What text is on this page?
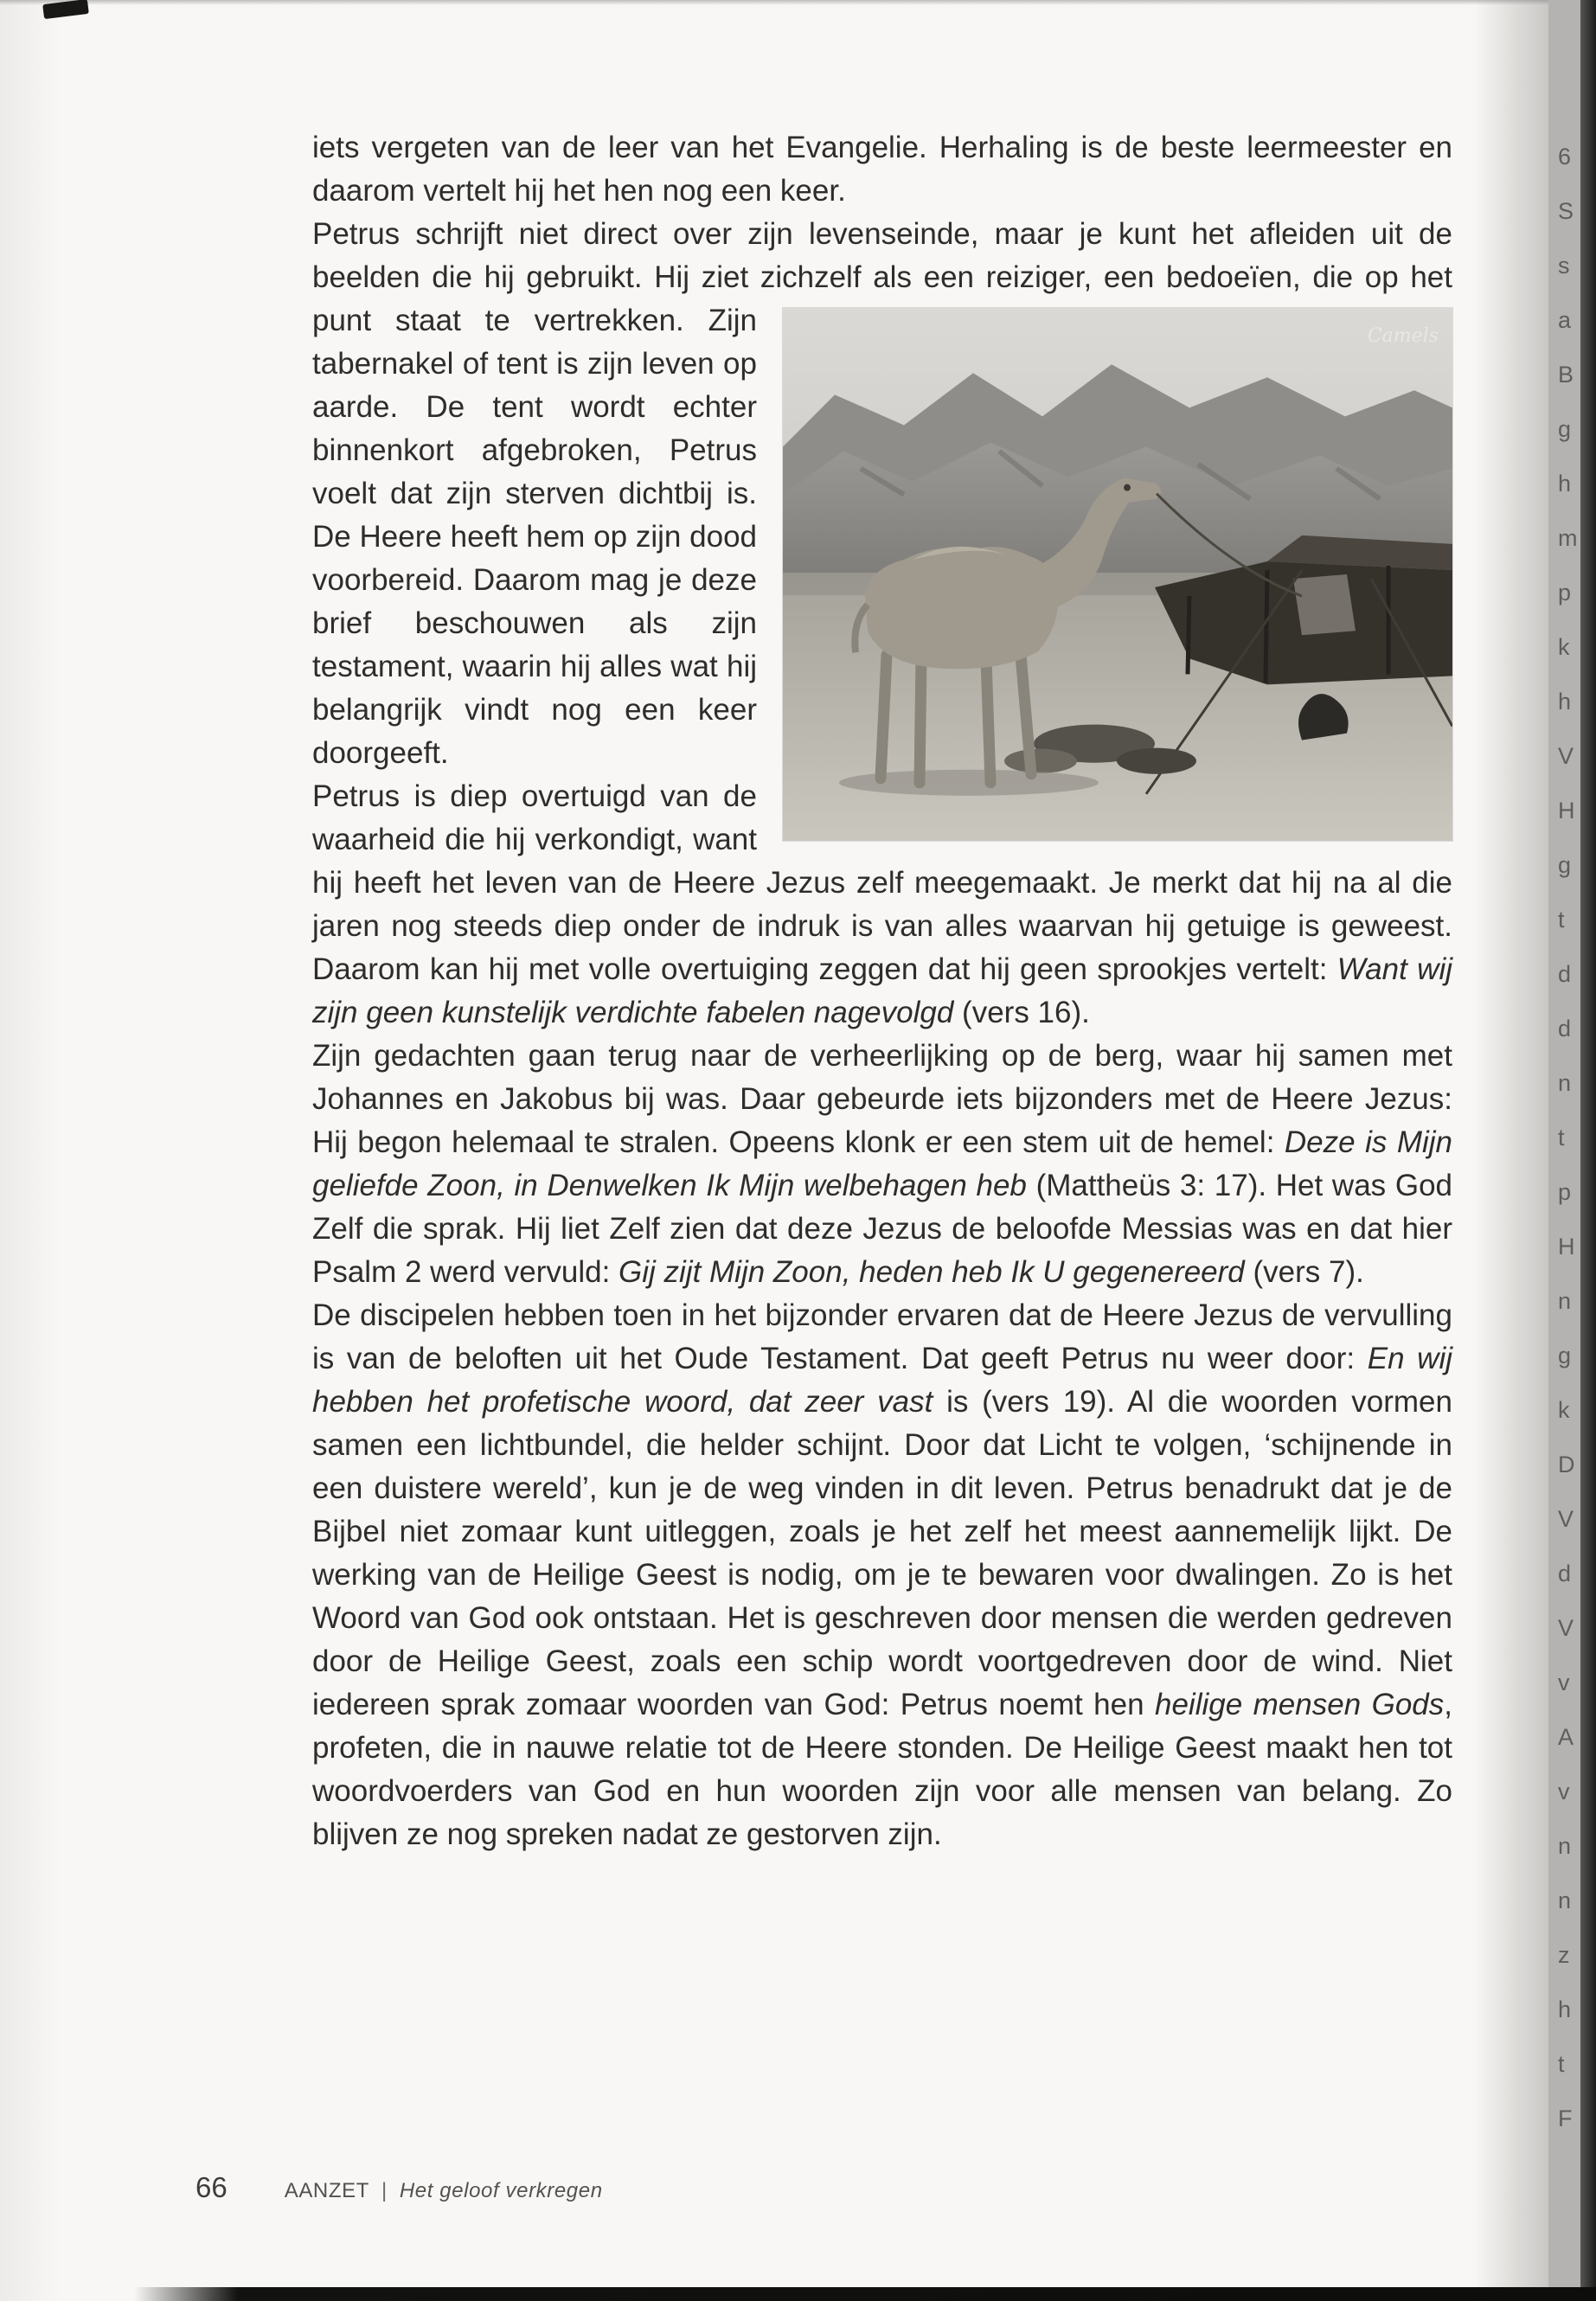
iets vergeten van de leer van het Evangelie. Herhaling is de beste leermeester en daarom vertelt hij het hen nog een keer.

Petrus schrijft niet direct over zijn levenseinde, maar je kunt het afleiden uit de beelden die hij gebruikt. Hij ziet zichzelf als een reiziger, een bedoeïen, die op
Camels
het punt staat te vertrekken. Zijn tabernakel of tent is zijn leven op aarde. De tent wordt echter binnenkort afgebroken, Petrus voelt dat zijn sterven dichtbij is. De Heere heeft hem op zijn dood voorbereid. Daarom mag je deze brief beschouwen als zijn testament, waarin hij alles wat hij belangrijk vindt nog een keer doorgeeft.

Petrus is diep overtuigd van de waarheid die hij verkondigt, want hij heeft het leven van de Heere Jezus zelf meegemaakt. Je merkt dat hij na al die jaren nog steeds diep onder de indruk is van alles waarvan hij getuige is geweest. Daarom kan hij met volle overtuiging zeggen dat hij geen sprookjes vertelt: Want wij zijn geen kunstelijk verdichte fabelen nagevolgd (vers 16).

Zijn gedachten gaan terug naar de verheerlijking op de berg, waar hij samen met Johannes en Jakobus bij was. Daar gebeurde iets bijzonders met de Heere Jezus: Hij begon helemaal te stralen. Opeens klonk er een stem uit de hemel: Deze is Mijn geliefde Zoon, in Denwelken Ik Mijn welbehagen heb (Mattheüs 3: 17). Het was God Zelf die sprak. Hij liet Zelf zien dat deze Jezus de beloofde Messias was en dat hier Psalm 2 werd vervuld: Gij zijt Mijn Zoon, heden heb Ik U gegenereerd (vers 7).

De discipelen hebben toen in het bijzonder ervaren dat de Heere Jezus de vervulling is van de beloften uit het Oude Testament. Dat geeft Petrus nu weer door: En wij hebben het profetische woord, dat zeer vast is (vers 19). Al die woorden vormen samen een lichtbundel, die helder schijnt. Door dat Licht te volgen, ‘schijnende in een duistere wereld’, kun je de weg vinden in dit leven. Petrus benadrukt dat je de Bijbel niet zomaar kunt uitleggen, zoals je het zelf het meest aannemelijk lijkt. De werking van de Heilige Geest is nodig, om je te bewaren voor dwalingen. Zo is het Woord van God ook ontstaan. Het is geschreven door mensen die werden gedreven door de Heilige Geest, zoals een schip wordt voortgedreven door de wind. Niet iedereen sprak zomaar woorden van God: Petrus noemt hen heilige mensen Gods, profeten, die in nauwe relatie tot de Heere stonden. De Heilige Geest maakt hen tot woordvoerders van God en hun woorden zijn voor alle mensen van belang. Zo blijven ze nog spreken nadat ze gestorven zijn.

66	AANZET | Het geloof verkregen
6
S
s
a
B
g
h
m
p
k
h
V
H
g
t
d
d
n
t
p
H
n
g
k
D
V
d
V
v
A
v
n
n
z
h
t
F
